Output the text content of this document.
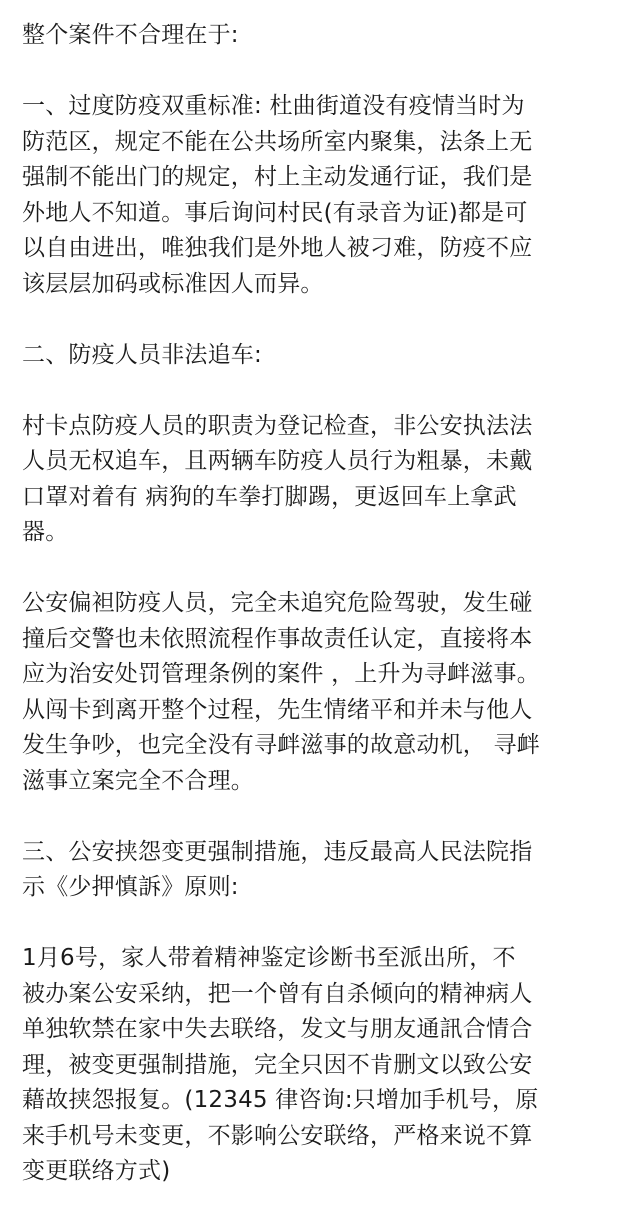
整个案件不合理在于:

一、过度防疫双重标准: 杜曲街道没有疫情当时为
防范区，规定不能在公共场所室内聚集，法条上无
强制不能出门的规定，村上主动发通行证，我们是
外地人不知道。事后询问村民(有录音为证)都是可
以自由进出，唯独我们是外地人被刁难，防疫不应
该层层加码或标准因人而异。

二、防疫人员非法追车:

村卡点防疫人员的职责为登记检查，非公安执法法
人员无权追车，且两辆车防疫人员行为粗暴，未戴
口罩对着有 病狗的车拳打脚踢，更返回车上拿武
器。

公安偏袒防疫人员，完全未追究危险驾驶，发生碰
撞后交警也未依照流程作事故责任认定，直接将本
应为治安处罚管理条例的案件 ，上升为寻衅滋事。
从闯卡到离开整个过程，先生情绪平和并未与他人
发生争吵，也完全没有寻衅滋事的故意动机， 寻衅
滋事立案完全不合理。

三、公安挟怨变更强制措施，违反最高人民法院指
示《少押慎訴》原则:

1月6号，家人带着精神鉴定诊断书至派出所，不
被办案公安采纳，把一个曾有自杀倾向的精神病人
单独软禁在家中失去联络，发文与朋友通訊合情合
理，被变更强制措施，完全只因不肯删文以致公安
藉故挟怨报复。(12345 律咨询:只增加手机号，原
来手机号未变更，不影响公安联络，严格来说不算
变更联络方式)
